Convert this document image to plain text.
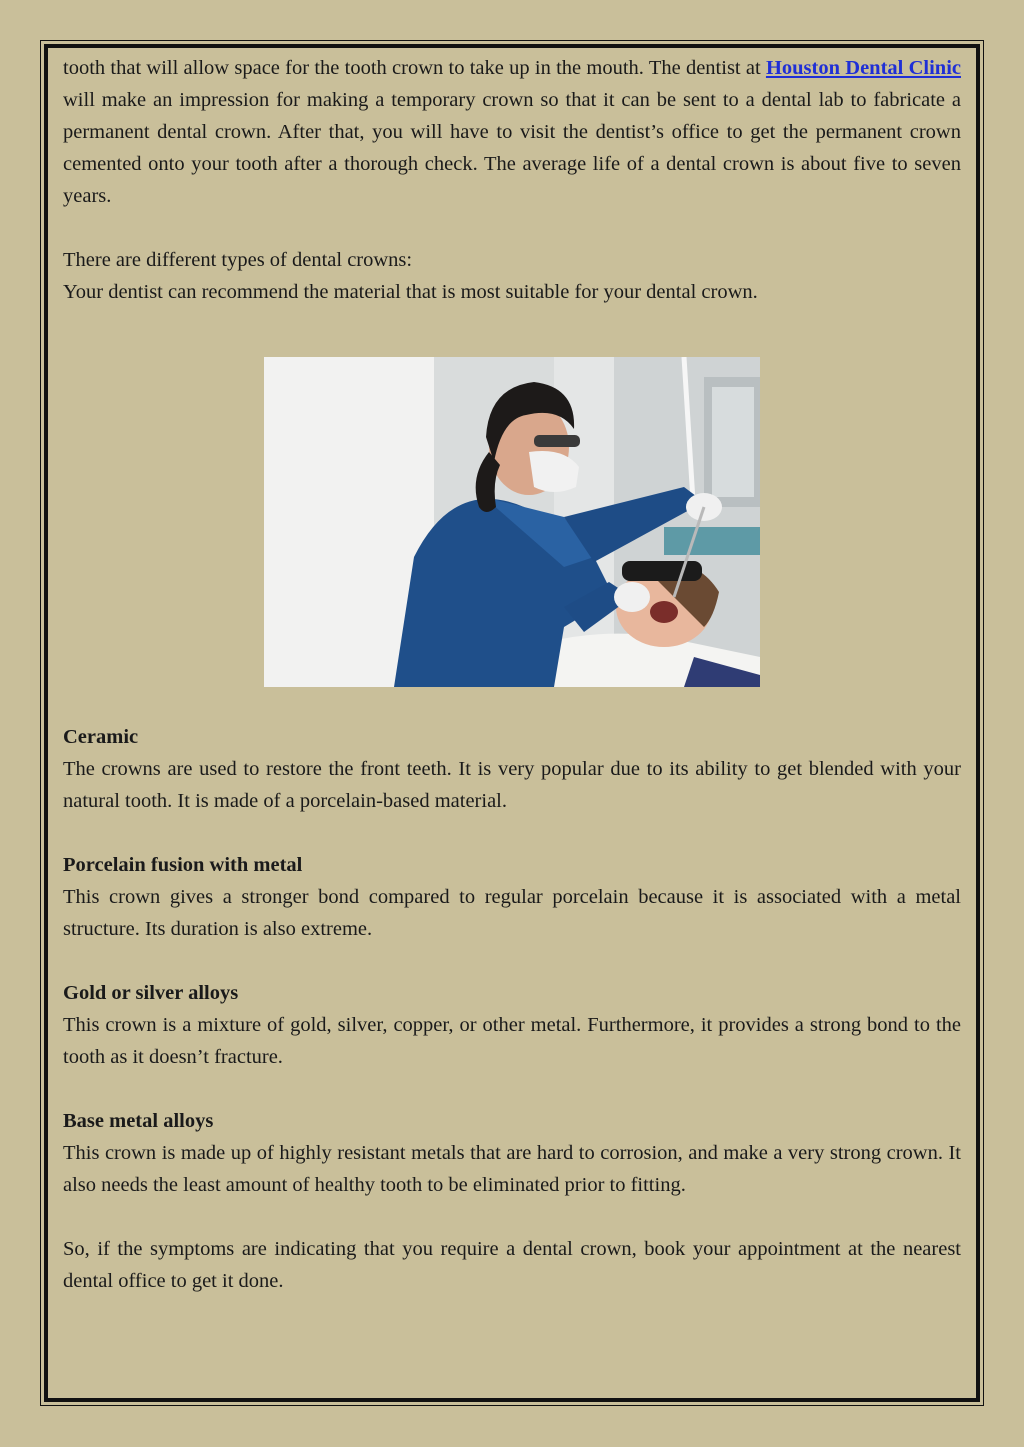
tooth that will allow space for the tooth crown to take up in the mouth. The dentist at Houston Dental Clinic will make an impression for making a temporary crown so that it can be sent to a dental lab to fabricate a permanent dental crown. After that, you will have to visit the dentist’s office to get the permanent crown cemented onto your tooth after a thorough check. The average life of a dental crown is about five to seven years.

There are different types of dental crowns:

Your dentist can recommend the material that is most suitable for your dental crown.

Ceramic

The crowns are used to restore the front teeth. It is very popular due to its ability to get blended with your natural tooth. It is made of a porcelain-based material.

Porcelain fusion with metal

This crown gives a stronger bond compared to regular porcelain because it is associated with a metal structure. Its duration is also extreme.

Gold or silver alloys

This crown is a mixture of gold, silver, copper, or other metal. Furthermore, it provides a strong bond to the tooth as it doesn’t fracture.

Base metal alloys

This crown is made up of highly resistant metals that are hard to corrosion, and make a very strong crown. It also needs the least amount of healthy tooth to be eliminated prior to fitting.

So, if the symptoms are indicating that you require a dental crown, book your appointment at the nearest dental office to get it done.
